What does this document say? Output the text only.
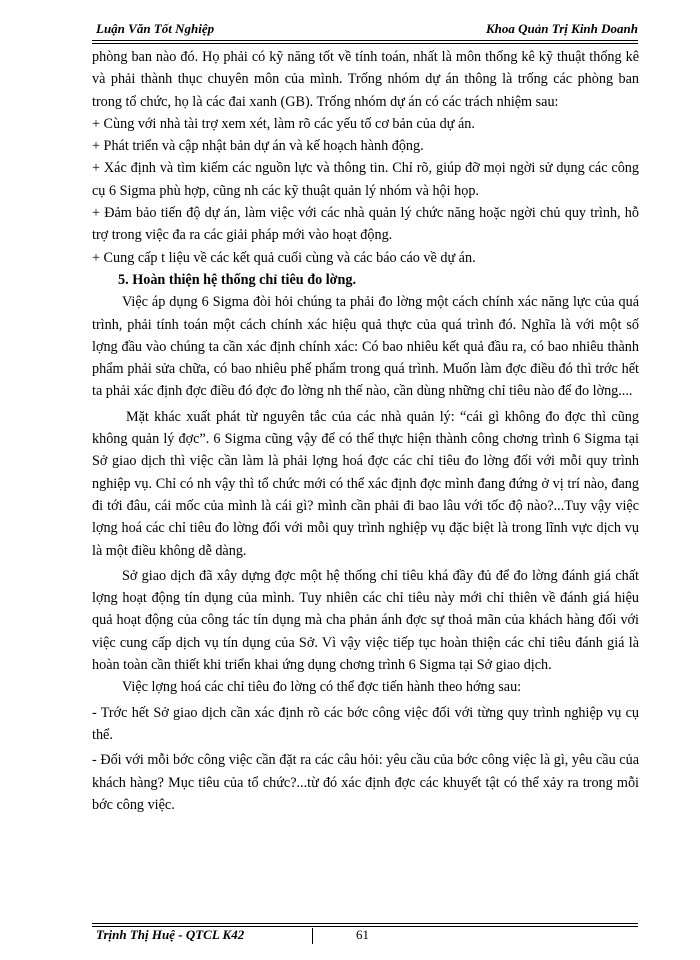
Luận Văn Tốt Nghiệp	Khoa Quản Trị Kinh Doanh

phòng ban nào đó. Họ phải có kỹ năng tốt về tính toán, nhất là môn thống kê kỹ thuật thống kê và phải thành thục chuyên môn của mình. Trống nhóm dự án thông là trống các phòng ban trong tổ chức, họ là các đai xanh (GB). Trống nhóm dự án có các trách nhiệm sau:

+ Cùng với nhà tài trợ xem xét, làm rõ các yếu tố cơ bản của dự án.

+ Phát triển và cập nhật bản dự án và kế hoạch hành động.

+ Xác định và tìm kiếm các nguồn lực và thông tin. Chỉ rõ, giúp đỡ mọi ngời sử dụng các công cụ 6 Sigma phù hợp, cũng nh các kỹ thuật quản lý nhóm và hội họp.

+ Đảm bảo tiến độ dự án, làm việc với các nhà quản lý chức năng hoặc ngời chủ quy trình, hỗ trợ trong việc đa ra các giải pháp mới vào hoạt động.

+ Cung cấp t liệu về các kết quả cuối cùng và các báo cáo về dự án.

5. Hoàn thiện hệ thống chỉ tiêu đo lờng.

Việc áp dụng 6 Sigma đòi hỏi chúng ta phải đo lờng một cách chính xác năng lực của quá trình, phải tính toán một cách chính xác hiệu quả thực của quá trình đó. Nghĩa là với một số lợng đầu vào chúng ta cần xác định chính xác: Có bao nhiêu kết quả đầu ra, có bao nhiêu thành phẩm phải sửa chữa, có bao nhiêu phế phẩm trong quá trình. Muốn làm đợc điều đó thì trớc hết ta phải xác định đợc điều đó đợc đo lờng nh thế nào, cần dùng những chỉ tiêu nào để đo lờng....

Mặt khác xuất phát từ nguyên tắc của các nhà quản lý: “cái gì không đo đợc thì cũng không quản lý đợc”. 6 Sigma cũng vậy để có thể thực hiện thành công chơng trình 6 Sigma tại Sở giao dịch thì việc cần làm là phải lợng hoá đợc các chỉ tiêu đo lờng đối với mỗi quy trình nghiệp vụ. Chỉ có nh vậy thì tổ chức mới có thể xác định đợc mình đang đứng ở vị trí nào, đang đi tới đâu, cái mốc của mình là cái gì? mình cần phải đi bao lâu với tốc độ nào?...Tuy vậy việc lợng hoá các chỉ tiêu đo lờng đối với mỗi quy trình nghiệp vụ đặc biệt là trong lĩnh vực dịch vụ là một điều không dễ dàng.

Sở giao dịch đã xây dựng đợc một hệ thống chỉ tiêu khá đầy đủ để đo lờng đánh giá chất lợng hoạt động tín dụng của mình. Tuy nhiên các chỉ tiêu này mới chỉ thiên về đánh giá hiệu quả hoạt động của công tác tín dụng mà cha phản ánh đợc sự thoả mãn của khách hàng đối với việc cung cấp dịch vụ tín dụng của Sở. Vì vậy việc tiếp tục hoàn thiện các chỉ tiêu đánh giá là hoàn toàn cần thiết khi triển khai ứng dụng chơng trình 6 Sigma tại Sở giao dịch.

Việc lợng hoá các chỉ tiêu đo lờng có thể đợc tiến hành theo hớng sau:

- Trớc hết Sở giao dịch cần xác định rõ các bớc công việc đối với từng quy trình nghiệp vụ cụ thể.

- Đối với mỗi bớc công việc cần đặt ra các câu hỏi: yêu cầu của bớc công việc là gì, yêu cầu của khách hàng? Mục tiêu của tổ chức?...từ đó xác định đợc các khuyết tật có thể xảy ra trong mỗi bớc công việc.

Trịnh Thị Huệ - QTCL K42	61
